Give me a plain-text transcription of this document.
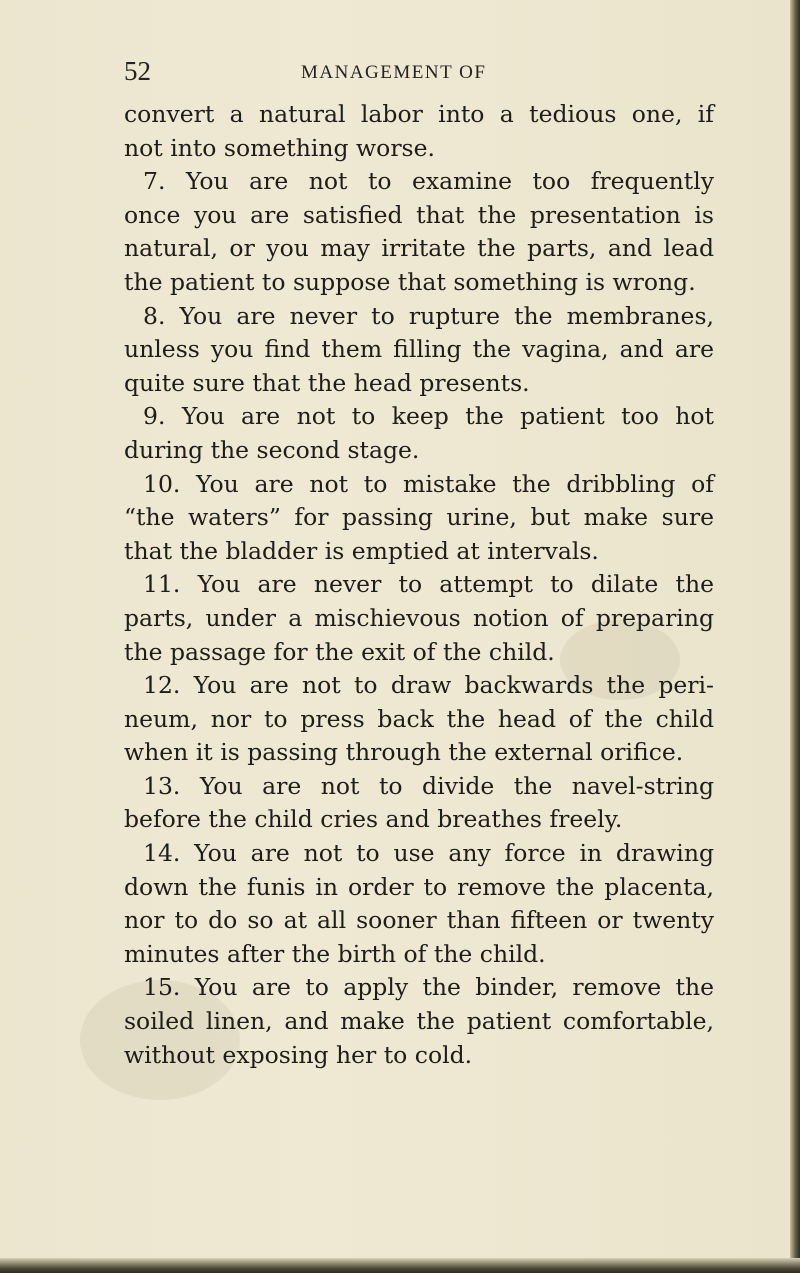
52	MANAGEMENT OF
convert a natural labor into a tedious one, if
not into something worse.
7. You are not to examine too frequently
once you are satisfied that the presentation is
natural, or you may irritate the parts, and lead
the patient to suppose that something is wrong.
8. You are never to rupture the membranes,
unless you find them filling the vagina, and are
quite sure that the head presents.
9. You are not to keep the patient too hot
during the second stage.
10. You are not to mistake the dribbling of
“the waters” for passing urine, but make sure
that the bladder is emptied at intervals.
11. You are never to attempt to dilate the
parts, under a mischievous notion of preparing
the passage for the exit of the child.
12. You are not to draw backwards the peri-
neum, nor to press back the head of the child
when it is passing through the external orifice.
13. You are not to divide the navel-string
before the child cries and breathes freely.
14. You are not to use any force in drawing
down the funis in order to remove the placenta,
nor to do so at all sooner than fifteen or twenty
minutes after the birth of the child.
15. You are to apply the binder, remove the
soiled linen, and make the patient comfortable,
without exposing her to cold.
